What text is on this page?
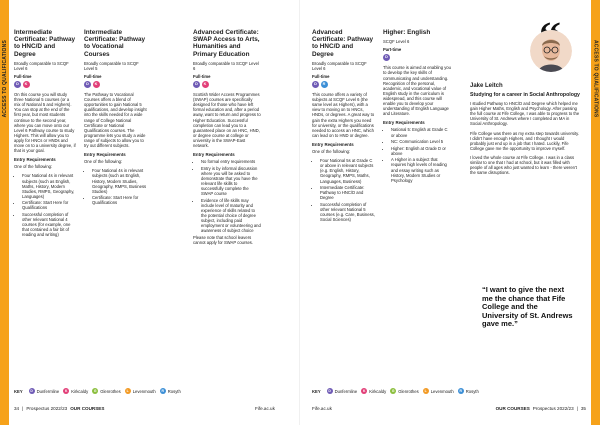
ACCESS TO QUALIFICATIONS	ACCESS TO QUALIFICATIONS
Intermediate Certificate: Pathway to HNC/D and Degree
Broadly comparable to SCQF Level 6
Full-time
D	K

On this course you will study three National 5 courses (or a mix of National 5 and Highers). You can stop at the end of the first year, but most students continue to the second year, where you can move onto our Level 6 Pathway course to study Highers. This will allow you to apply for HNCs or HNDs and move on to a university degree, if that is your goal.

Entry Requirements

One of the following:

• Four National 4s in relevant subjects (such as English, Maths, History, Modern Studies, RMPS, Geography, Languages)
• Certificate: Start Here for Qualifications
• Successful completion of other relevant National 4 courses (for example, one that contained a fair bit of reading and writing)
Intermediate Certificate: Pathway to Vocational Courses
Broadly comparable to SCQF Level 5
Full-time
D	K

The Pathway to Vocational Courses offers a blend of opportunities to gain National 5 qualifications, and develop insight into the skills needed for a wide range of College National Certificate or National Qualifications courses. The programme lets you study a wide range of subjects to allow you to try out different subjects.

Entry Requirements

One of the following:

• Four National 4s in relevant subjects (such as English, History, Modern Studies, Geography, RMPS, Business Studies)
• Certificate: Start Here for Qualifications
Advanced Certificate: SWAP Access to Arts, Humanities and Primary Education
Broadly comparable to SCQF Level 6
Full-time
D	K

Scottish Wider Access Programmes (SWAP) courses are specifically designed for those who have left formal education and, after a period away, want to return and progress to Higher Education. Successful completion can lead you to a guaranteed place on an HNC, HND, or degree course at college or university in the SWAP-East network.

Entry Requirements
• No formal entry requirements
• Entry is by informal discussion where you will be asked to demonstrate that you have the relevant life skills to successfully complete the SWAP course
• Evidence of life skills may include level of maturity and experience of skills related to the potential choice of degree subject, including paid employment or volunteering and awareness of subject choice

Please note that school leavers cannot apply for SWAP courses.

Advanced Certificate: Pathway to HNC/D and Degree
Broadly comparable to SCQF Level 6
Full-time
D	R

This course offers a variety of subjects at SCQF Level 6 (the same level as Highers), with a view to moving on to HNCs, HNDs, or degrees. A great way to gain the extra Highers you need for university, or the qualifications needed to access an HNC, which can lead on to HND or degree.

Entry Requirements

One of the following:

• Four National 5s at Grade C or above in relevant subjects (e.g. English, History, Geography, RMPS, Maths, Languages, Business)
• Intermediate Certificate: Pathway to HNC/D and Degree
• Successful completion of other relevant National 5 courses (e.g. Care, Business, Social Sciences)
Higher: English
SCQF Level 6
Part-time
D

This course is aimed at enabling you to develop the key skills of communicating and understanding. Recognition of the personal, academic, and vocational value of English study in the curriculum is widespread, and this course will enable you to develop your understanding of English Language and Literature.

Entry Requirements
• National 5: English at Grade C or above
• NC: Communication Level 5
• Higher: English at Grade D or above
• A Higher in a subject that requires high levels of reading and essay writing such as History, Modern Studies or Psychology
Jake Leitch
Studying for a career in Social Anthropology

I studied Pathway to HNC/D and Degree which helped me gain Higher Maths, English and Psychology. After passing the full course at Fife College, I was able to progress to the University of St. Andrews where I completed an MA in Social Anthropology.

Fife College was there as my extra step towards university. I didn't have enough Highers, and I thought I would probably just end up in a job that I hated. Luckily, Fife College gave me the opportunity to improve myself.

I loved the whole course at Fife College. I was in a class similar to one that I had at school, but it was filled with people of all ages who just wanted to learn - there weren't the same disruptions.

“I want to give the next me the chance that Fife College and the University of St. Andrews gave me.”
KEY	D Dunfermline	K Kirkcaldy	G Glenrothes	L Levenmouth	R Rosyth	KEY	D Dunfermline	K Kirkcaldy	G Glenrothes	L Levenmouth	R Rosyth
34 | Prospectus 2022/23 OUR COURSES	Fife.ac.uk	Fife.ac.uk	OUR COURSES Prospectus 2022/23 | 35
